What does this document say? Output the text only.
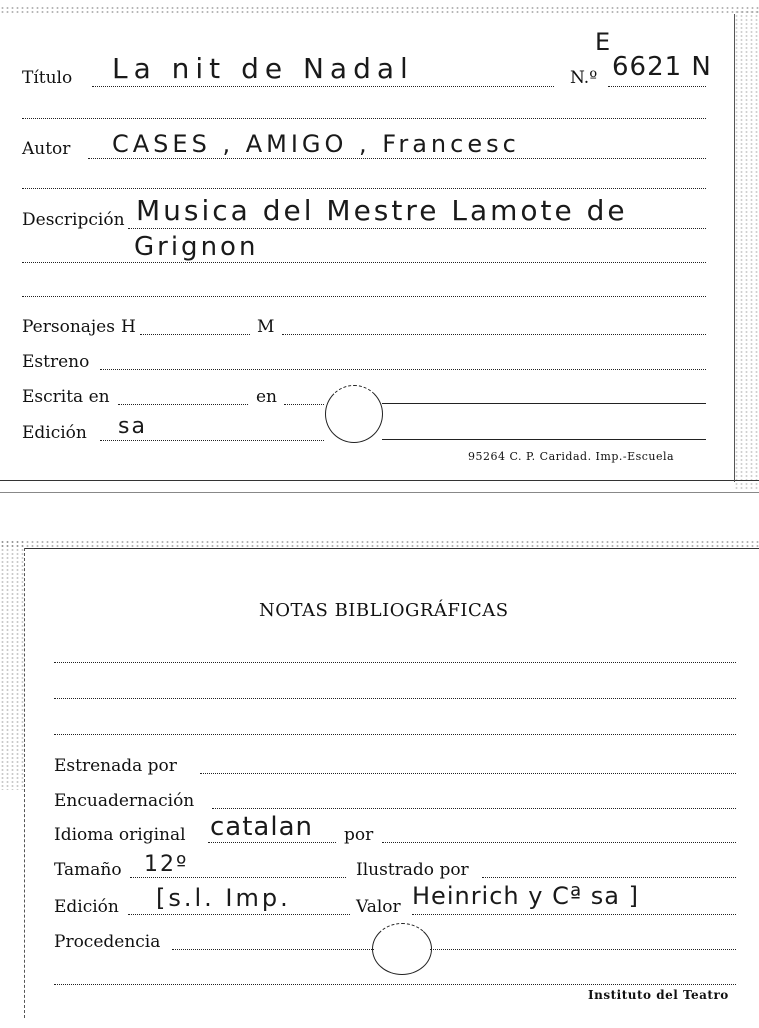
Título La nit de Nadal
E
N.º 6621 N
Autor CASES , AMIGO , Francesc
Descripción Musica del Mestre Lamote de
Grignon
Personajes H	M
Estreno
Escrita en	en
Edición sa
95264 C. P. Caridad. Imp.-Escuela
NOTAS BIBLIOGRÁFICAS
Estrenada por
Encuadernación
Idioma original catalan por
Tamaño 12º	Ilustrado por
Edición [s.l. Imp.	Valor Heinrich y Cª sa ]
Procedencia
Instituto del Teatro
